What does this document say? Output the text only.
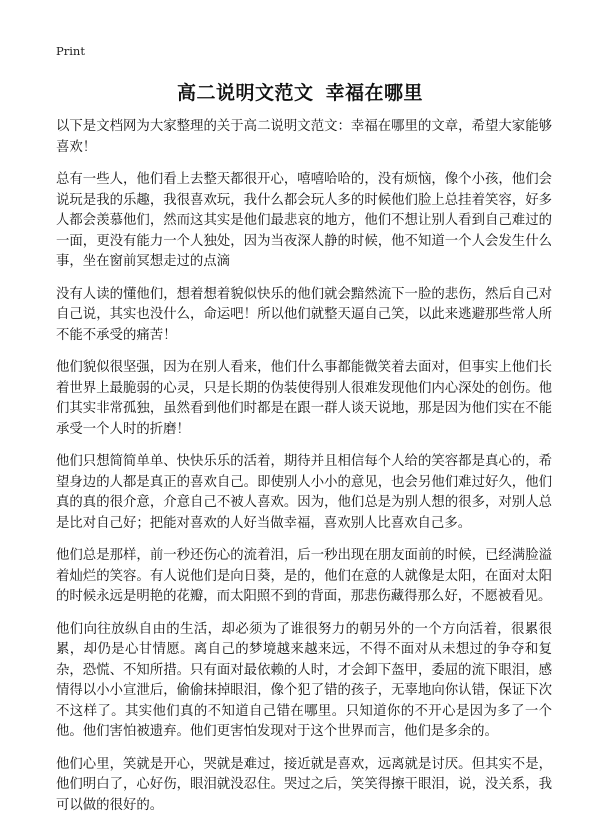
Print
高二说明文范文 幸福在哪里

以下是文档网为大家整理的关于高二说明文范文：幸福在哪里的文章，希望大家能够喜欢！

总有一些人，他们看上去整天都很开心，嘻嘻哈哈的，没有烦恼，像个小孩，他们会说玩是我的乐趣，我很喜欢玩，我什么都会玩人多的时候他们脸上总挂着笑容，好多人都会羡慕他们，然而这其实是他们最悲哀的地方，他们不想让别人看到自己难过的一面，更没有能力一个人独处，因为当夜深人静的时候，他不知道一个人会发生什么事，坐在窗前冥想走过的点滴

没有人读的懂他们，想着想着貌似快乐的他们就会黯然流下一脸的悲伤，然后自己对自己说，其实也没什么，命运吧！所以他们就整天逼自己笑，以此来逃避那些常人所不能不承受的痛苦！

他们貌似很坚强，因为在别人看来，他们什么事都能微笑着去面对，但事实上他们长着世界上最脆弱的心灵，只是长期的伪装使得别人很难发现他们内心深处的创伤。他们其实非常孤独，虽然看到他们时都是在跟一群人谈天说地，那是因为他们实在不能承受一个人时的折磨！

他们只想简简单单、快快乐乐的活着，期待并且相信每个人给的笑容都是真心的，希望身边的人都是真正的喜欢自己。即使别人小小的意见，也会另他们难过好久，他们真的真的很介意，介意自己不被人喜欢。因为，他们总是为别人想的很多，对别人总是比对自己好；把能对喜欢的人好当做幸福，喜欢别人比喜欢自己多。

他们总是那样，前一秒还伤心的流着泪，后一秒出现在朋友面前的时候，已经满脸溢着灿烂的笑容。有人说他们是向日葵，是的，他们在意的人就像是太阳，在面对太阳的时候永远是明艳的花瓣，而太阳照不到的背面，那悲伤藏得那么好，不愿被看见。

他们向往放纵自由的生活，却必须为了谁很努力的朝另外的一个方向活着，很累很累，却仍是心甘情愿。离自己的梦境越来越来远，不得不面对从未想过的争夺和复杂，恐慌、不知所措。只有面对最依赖的人时，才会卸下盔甲，委屈的流下眼泪，感情得以小小宣泄后，偷偷抹掉眼泪，像个犯了错的孩子，无辜地向你认错，保证下次不这样了。其实他们真的不知道自己错在哪里。只知道你的不开心是因为多了一个他。他们害怕被遗弃。他们更害怕发现对于这个世界而言，他们是多余的。

他们心里，笑就是开心，哭就是难过，接近就是喜欢，远离就是讨厌。但其实不是，他们明白了，心好伤，眼泪就没忍住。哭过之后，笑笑得擦干眼泪，说，没关系，我可以做的很好的。
